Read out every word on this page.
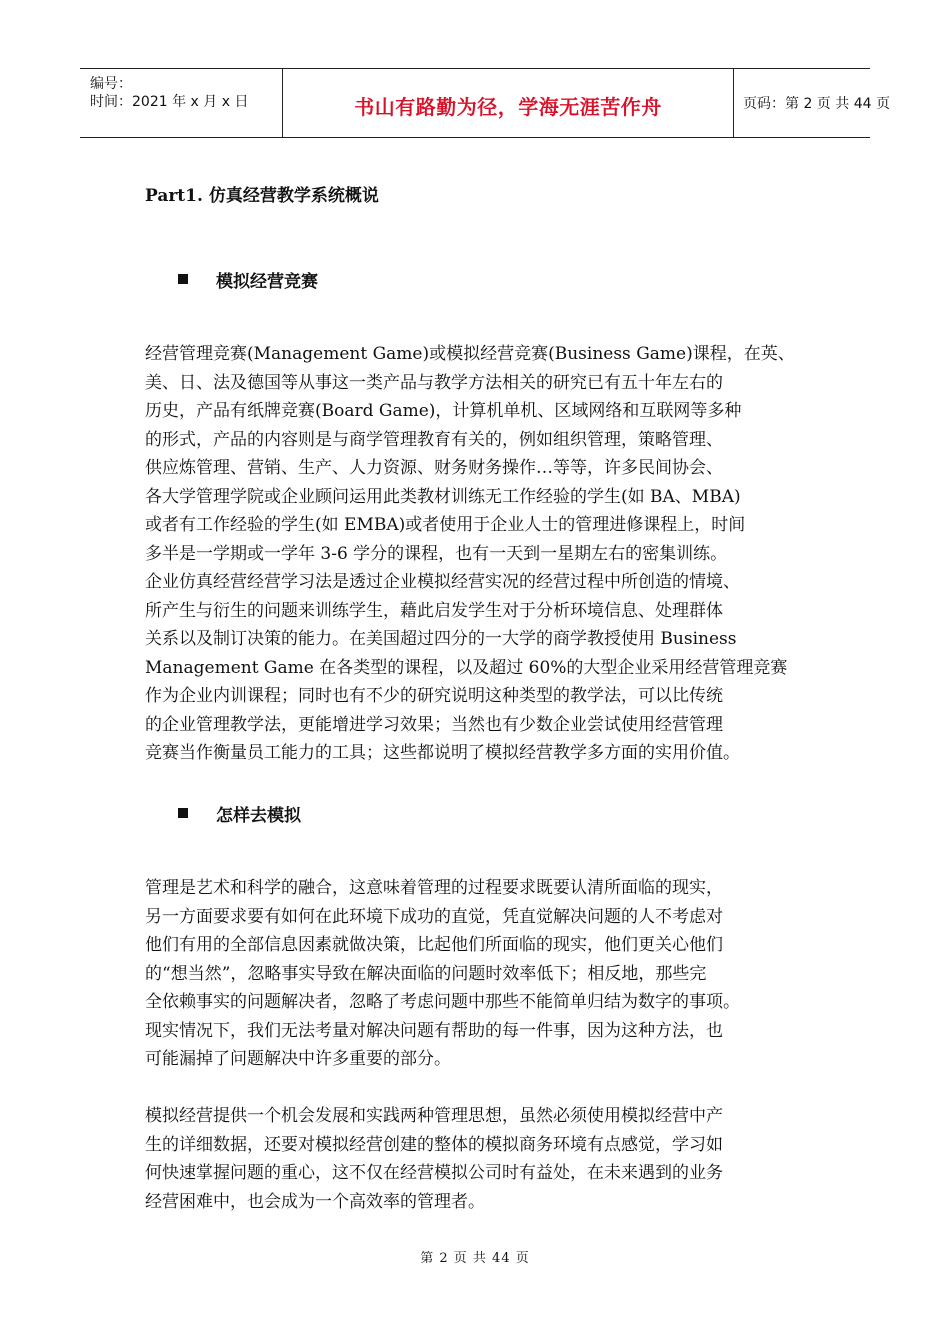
编号：
时间：2021 年 x 月 x 日	书山有路勤为径，学海无涯苦作舟	页码：第 2 页 共 44 页
Part1. 仿真经营教学系统概说
模拟经营竞赛
经营管理竞赛(Management Game)或模拟经营竞赛(Business Game)课程，在英、
美、日、法及德国等从事这一类产品与教学方法相关的研究已有五十年左右的
历史，产品有纸牌竞赛(Board Game)，计算机单机、区域网络和互联网等多种
的形式，产品的内容则是与商学管理教育有关的，例如组织管理，策略管理、
供应炼管理、营销、生产、人力资源、财务财务操作…等等，许多民间协会、
各大学管理学院或企业顾问运用此类教材训练无工作经验的学生(如 BA、MBA)
或者有工作经验的学生(如 EMBA)或者使用于企业人士的管理进修课程上，时间
多半是一学期或一学年 3-6 学分的课程，也有一天到一星期左右的密集训练。
企业仿真经营经营学习法是透过企业模拟经营实况的经营过程中所创造的情境、
所产生与衍生的问题来训练学生，藉此启发学生对于分析环境信息、处理群体
关系以及制订决策的能力。在美国超过四分的一大学的商学教授使用 Business
Management Game 在各类型的课程，以及超过 60%的大型企业采用经营管理竞赛
作为企业内训课程；同时也有不少的研究说明这种类型的教学法，可以比传统
的企业管理教学法，更能增进学习效果；当然也有少数企业尝试使用经营管理
竞赛当作衡量员工能力的工具；这些都说明了模拟经营教学多方面的实用价值。
怎样去模拟
管理是艺术和科学的融合，这意味着管理的过程要求既要认清所面临的现实，
另一方面要求要有如何在此环境下成功的直觉，凭直觉解决问题的人不考虑对
他们有用的全部信息因素就做决策，比起他们所面临的现实，他们更关心他们
的“想当然”，忽略事实导致在解决面临的问题时效率低下；相反地，那些完
全依赖事实的问题解决者，忽略了考虑问题中那些不能简单归结为数字的事项。
现实情况下，我们无法考量对解决问题有帮助的每一件事，因为这种方法，也
可能漏掉了问题解决中许多重要的部分。
模拟经营提供一个机会发展和实践两种管理思想，虽然必须使用模拟经营中产
生的详细数据，还要对模拟经营创建的整体的模拟商务环境有点感觉，学习如
何快速掌握问题的重心，这不仅在经营模拟公司时有益处，在未来遇到的业务
经营困难中，也会成为一个高效率的管理者。
第 2 页 共 44 页
